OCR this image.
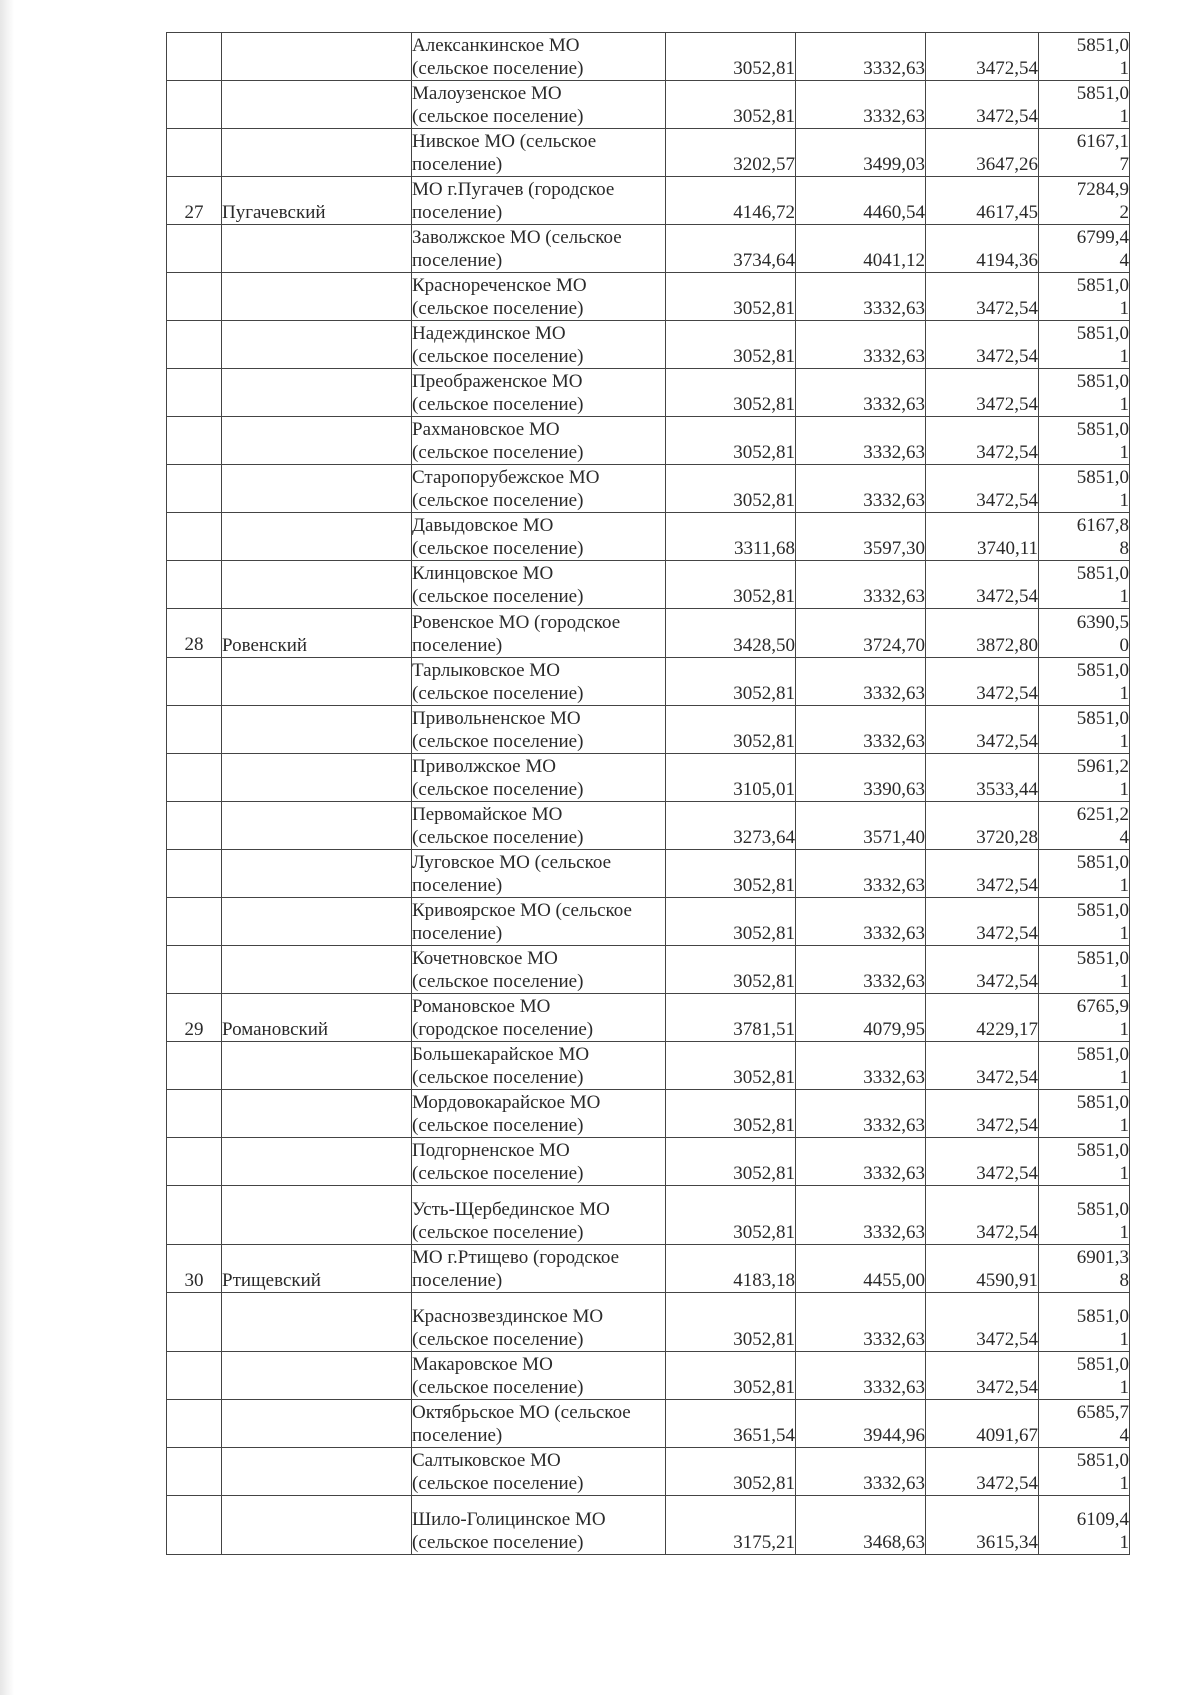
		Алексанкинское МО
(сельское поселение)	3052,81	3332,63	3472,54	5851,0
1

		Малоузенское МО
(сельское поселение)	3052,81	3332,63	3472,54	5851,0
1

		Нивское МО (сельское
поселение)	3202,57	3499,03	3647,26	6167,1
7

27	Пугачевский	МО г.Пугачев (городское
поселение)	4146,72	4460,54	4617,45	7284,9
2

		Заволжское МО (сельское
поселение)	3734,64	4041,12	4194,36	6799,4
4

		Краснореченское МО
(сельское поселение)	3052,81	3332,63	3472,54	5851,0
1

		Надеждинское МО
(сельское поселение)	3052,81	3332,63	3472,54	5851,0
1

		Преображенское МО
(сельское поселение)	3052,81	3332,63	3472,54	5851,0
1

		Рахмановское МО
(сельское поселение)	3052,81	3332,63	3472,54	5851,0
1

		Старопорубежское МО
(сельское поселение)	3052,81	3332,63	3472,54	5851,0
1

		Давыдовское МО
(сельское поселение)	3311,68	3597,30	3740,11	6167,8
8

		Клинцовское МО
(сельское поселение)	3052,81	3332,63	3472,54	5851,0
1

28	Ровенский	Ровенское МО (городское
поселение)	3428,50	3724,70	3872,80	6390,5
0

		Тарлыковское МО
(сельское поселение)	3052,81	3332,63	3472,54	5851,0
1

		Привольненское МО
(сельское поселение)	3052,81	3332,63	3472,54	5851,0
1

		Приволжское МО
(сельское поселение)	3105,01	3390,63	3533,44	5961,2
1

		Первомайское МО
(сельское поселение)	3273,64	3571,40	3720,28	6251,2
4

		Луговское МО (сельское
поселение)	3052,81	3332,63	3472,54	5851,0
1

		Кривоярское МО (сельское
поселение)	3052,81	3332,63	3472,54	5851,0
1

		Кочетновское МО
(сельское поселение)	3052,81	3332,63	3472,54	5851,0
1

29	Романовский	Романовское МО
(городское поселение)	3781,51	4079,95	4229,17	6765,9
1

		Большекарайское МО
(сельское поселение)	3052,81	3332,63	3472,54	5851,0
1

		Мордовокарайское МО
(сельское поселение)	3052,81	3332,63	3472,54	5851,0
1

		Подгорненское МО
(сельское поселение)	3052,81	3332,63	3472,54	5851,0
1

		Усть-Щербединское МО
(сельское поселение)	3052,81	3332,63	3472,54	5851,0
1

30	Ртищевский	МО г.Ртищево (городское
поселение)	4183,18	4455,00	4590,91	6901,3
8

		Краснозвездинское МО
(сельское поселение)	3052,81	3332,63	3472,54	5851,0
1

		Макаровское МО
(сельское поселение)	3052,81	3332,63	3472,54	5851,0
1

		Октябрьское МО (сельское
поселение)	3651,54	3944,96	4091,67	6585,7
4

		Салтыковское МО
(сельское поселение)	3052,81	3332,63	3472,54	5851,0
1

		Шило-Голицинское МО
(сельское поселение)	3175,21	3468,63	3615,34	6109,4
1
